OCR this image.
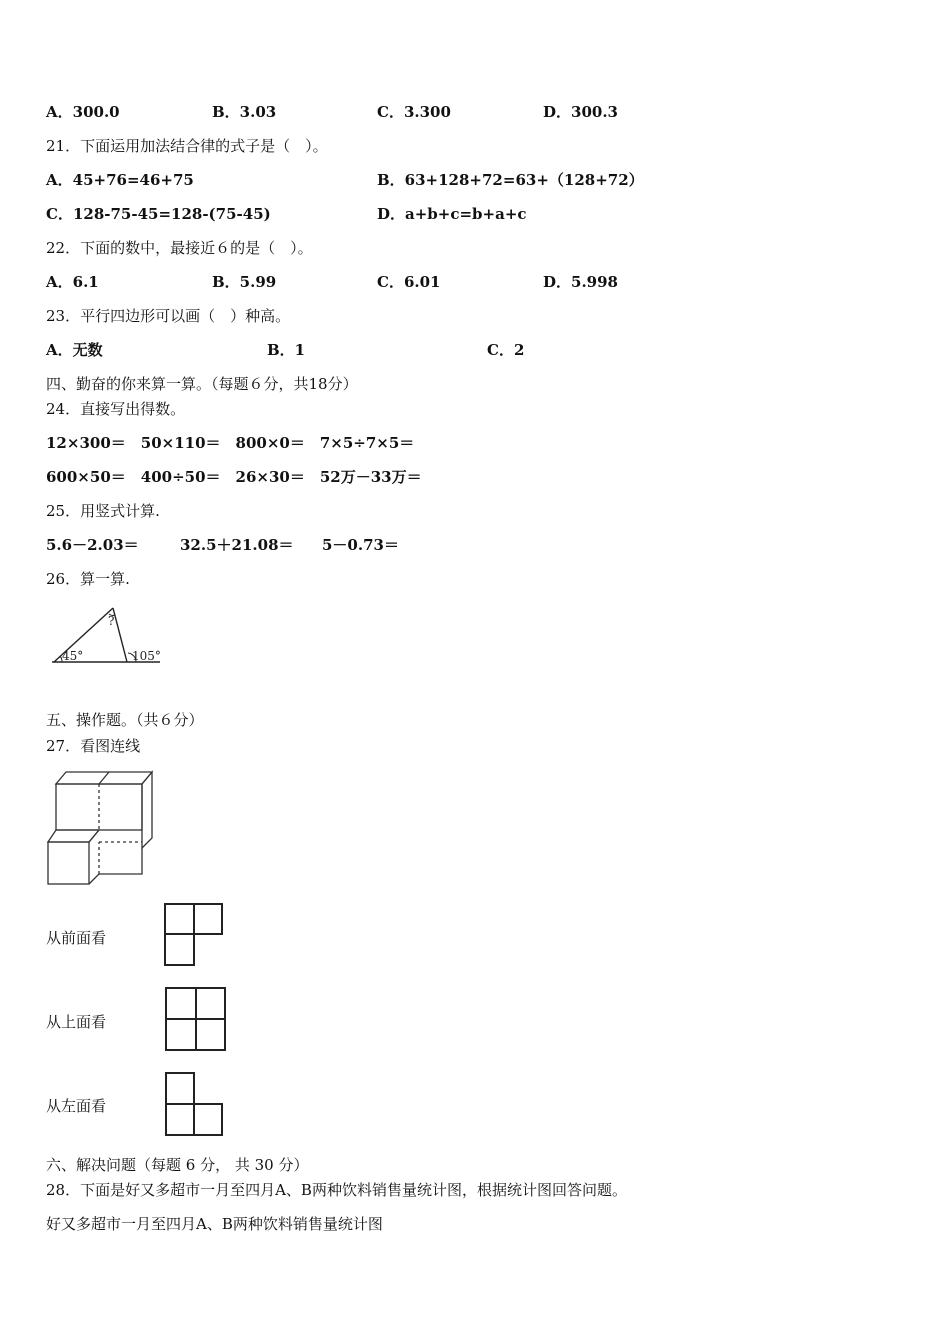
A．300.0	B．3.03	C．3.300	D．300.3
21．下面运用加法结合律的式子是（　）。
A．45+76=46+75	B．63+128+72=63+（128+72）
C．128-75-45=128-(75-45)	D．a+b+c=b+a+c
22．下面的数中，最接近６的是（　）。
A．6.1	B．5.99	C．6.01	D．5.998
23．平行四边形可以画（　）种高。
A．无数	B．1	C．2
四、勤奋的你来算一算。（每题６分，共18分）
24．直接写出得数。
12×300＝　50×110＝　800×0＝　7×5÷7×5＝
600×50＝　400÷50＝　26×30＝　52万－33万＝
25．用竖式计算.
5.6－2.03＝	32.5＋21.08＝ 5－0.73＝
26．算一算.
45°
?
105°
五、操作题。（共６分）
27．看图连线
从前面看
从上面看
从左面看
六、解决问题（每题 6 分， 共 30 分）
28．下面是好又多超市一月至四月A、B两种饮料销售量统计图，根据统计图回答问题。
好又多超市一月至四月A、B两种饮料销售量统计图
